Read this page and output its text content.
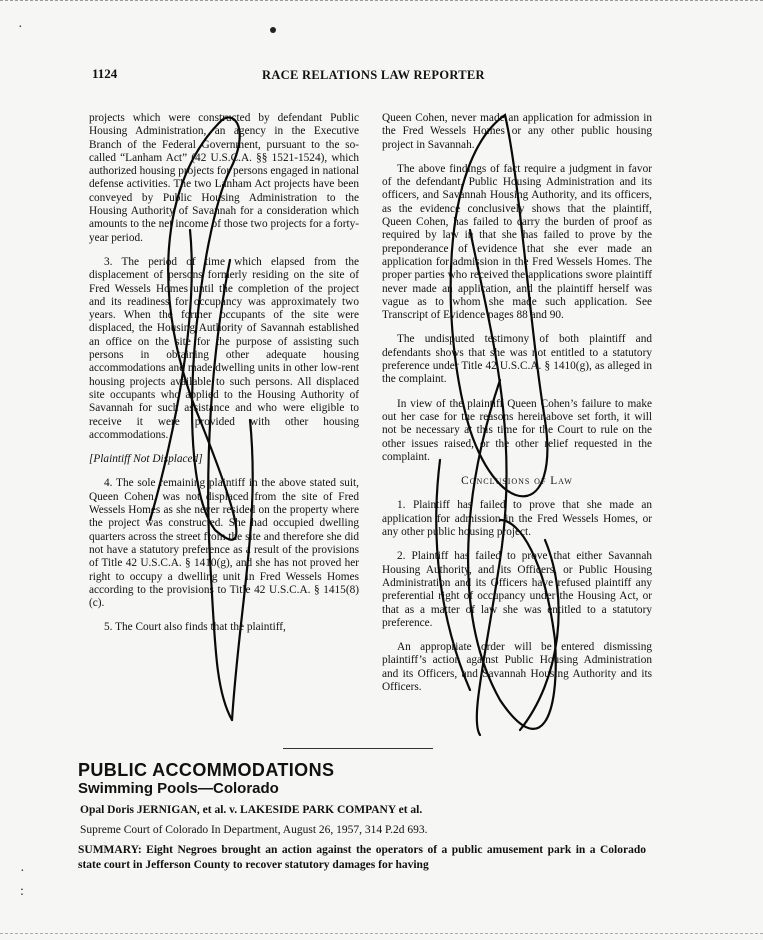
1124	RACE RELATIONS LAW REPORTER

projects which were constructed by defendant Public Housing Administration, an agency in the Executive Branch of the Federal Government, pursuant to the so-called “Lanham Act” (42 U.S.C.A. §§ 1521-1524), which authorized housing projects for persons engaged in national defense activities. The two Lanham Act projects have been conveyed by Public Housing Administration to the Housing Authority of Savannah for a consideration which amounts to the net income of those two projects for a forty-year period.

3. The period of time which elapsed from the displacement of persons formerly residing on the site of Fred Wessels Homes until the completion of the project and its readiness for occupancy was approximately two years. When the former occupants of the site were displaced, the Housing Authority of Savannah established an office on the site for the purpose of assisting such persons in obtaining other adequate housing accommodations and made dwelling units in other low-rent housing projects available to such persons. All displaced site occupants who applied to the Housing Authority of Savannah for such assistance and who were eligible to receive it were provided with other housing accommodations.

[Plaintiff Not Displaced]

4. The sole remaining plaintiff in the above stated suit, Queen Cohen, was not displaced from the site of Fred Wessels Homes as she never resided on the property where the project was constructed. She had occupied dwelling quarters across the street from the site and therefore she did not have a statutory preference as a result of the provisions of Title 42 U.S.C.A. § 1410(g), and she has not proved her right to occupy a dwelling unit in Fred Wessels Homes according to the provisions to Title 42 U.S.C.A. § 1415(8) (c).

5. The Court also finds that the plaintiff,

Queen Cohen, never made an application for admission in the Fred Wessels Homes or any other public housing project in Savannah.

The above findings of fact require a judgment in favor of the defendant, Public Housing Administration and its officers, and Savannah Housing Authority, and its officers, as the evidence conclusively shows that the plaintiff, Queen Cohen, has failed to carry the burden of proof as required by law in that she has failed to prove by the preponderance of evidence that she ever made an application for admission in the Fred Wessels Homes. The proper parties who received the applications swore plaintiff never made an application, and the plaintiff herself was vague as to whom she made such application. See Transcript of Evidence pages 88 and 90.

The undisputed testimony of both plaintiff and defendants shows that she was not entitled to a statutory preference under Title 42 U.S.C.A. § 1410(g), as alleged in the complaint.

In view of the plaintiff Queen Cohen’s failure to make out her case for the reasons hereinabove set forth, it will not be necessary at this time for the Court to rule on the other issues raised, or the other relief requested in the complaint.

Conclusions of Law

1. Plaintiff has failed to prove that she made an application for admission in the Fred Wessels Homes, or any other public housing project.

2. Plaintiff has failed to prove that either Savannah Housing Authority, and its Officers, or Public Housing Administration and its Officers have refused plaintiff any preferential right of occupancy under the Housing Act, or that as a matter of law she was entitled to a statutory preference.

An appropriate order will be entered dismissing plaintiff’s action against Public Housing Administration and its Officers, and Savannah Housing Authority and its Officers.

PUBLIC ACCOMMODATIONS
Swimming Pools—Colorado
Opal Doris JERNIGAN, et al. v. LAKESIDE PARK COMPANY et al.
Supreme Court of Colorado In Department, August 26, 1957, 314 P.2d 693.
SUMMARY: Eight Negroes brought an action against the operators of a public amusement park in a Colorado state court in Jefferson County to recover statutory damages for having
·
·
:
